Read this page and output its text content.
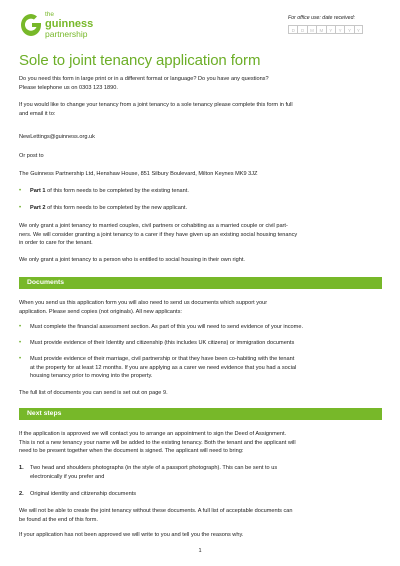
the
guinness
partnership
For office use: date received:
D	D	M	M	Y	Y	Y	Y
Sole to joint tenancy application form

Do you need this form in large print or in a different format or language? Do you have any questions?

Please telephone us on 0303 123 1890.

If you would like to change your tenancy from a joint tenancy to a sole tenancy please complete this form in full

and email it to:

NewLettings@guinness.org.uk

Or post to

The Guinness Partnership Ltd, Henshaw House, 851 Silbury Boulevard, Milton Keynes MK9 3JZ

•	Part 1 of this form needs to be completed by the existing tenant.
•	Part 2 of this form needs to be completed by the new applicant.

We only grant a joint tenancy to married couples, civil partners or cohabiting as a married couple or civil part-

ners. We will consider granting a joint tenancy to a carer if they have given up an existing social housing tenancy

in order to care for the tenant.

We only grant a joint tenancy to a person who is entitled to social housing in their own right.

Documents

When you send us this application form you will also need to send us documents which support your

application. Please send copies (not originals). All new applicants:

•	Must complete the financial assessment section. As part of this you will need to send evidence of your income.
•	Must provide evidence of their Identity and citizenship (this includes UK citizens) or immigration documents
•	Must provide evidence of their marriage, civil partnership or that they have been co-habiting with the tenant

at the property for at least 12 months. If you are applying as a carer we need evidence that you had a social

housing tenancy prior to moving into the property.

The full list of documents you can send is set out on page 9.

Next steps

If the application is approved we will contact you to arrange an appointment to sign the Deed of Assignment.

This is not a new tenancy your name will be added to the existing tenancy. Both the tenant and the applicant will

need to be present together when the document is signed. The applicant will need to bring:

1.	Two head and shoulders photographs (in the style of a passport photograph). This can be sent to us

electronically if you prefer and

2.	Original identity and citizenship documents

We will not be able to create the joint tenancy without these documents. A full list of acceptable documents can

be found at the end of this form.

If your application has not been approved we will write to you and tell you the reasons why.

1
